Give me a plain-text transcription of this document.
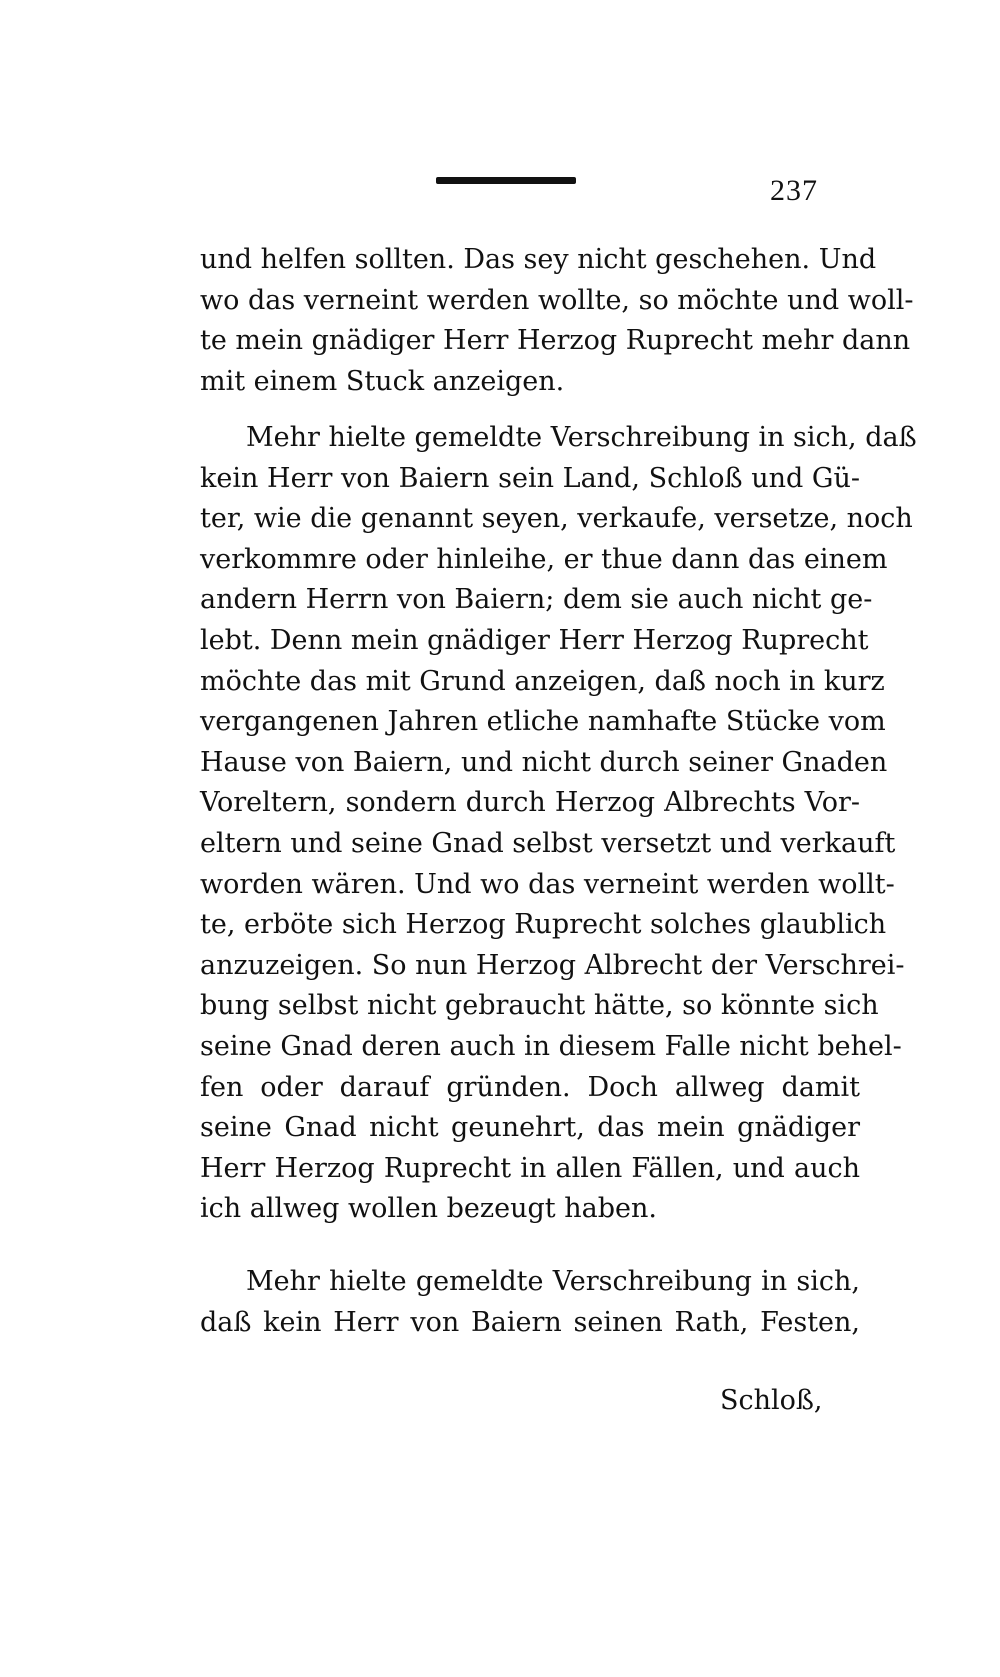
237
und helfen sollten. Das sey nicht geschehen. Und
wo das verneint werden wollte, so möchte und woll-
te mein gnädiger Herr Herzog Ruprecht mehr dann
mit einem Stuck anzeigen.
Mehr hielte gemeldte Verschreibung in sich, daß
kein Herr von Baiern sein Land, Schloß und Gü-
ter, wie die genannt seyen, verkaufe, versetze, noch
verkommre oder hinleihe, er thue dann das einem
andern Herrn von Baiern; dem sie auch nicht ge-
lebt. Denn mein gnädiger Herr Herzog Ruprecht
möchte das mit Grund anzeigen, daß noch in kurz
vergangenen Jahren etliche namhafte Stücke vom
Hause von Baiern, und nicht durch seiner Gnaden
Voreltern, sondern durch Herzog Albrechts Vor-
eltern und seine Gnad selbst versetzt und verkauft
worden wären. Und wo das verneint werden wollt-
te, erböte sich Herzog Ruprecht solches glaublich
anzuzeigen. So nun Herzog Albrecht der Verschrei-
bung selbst nicht gebraucht hätte, so könnte sich
seine Gnad deren auch in diesem Falle nicht behel-
fen oder darauf gründen. Doch allweg damit
seine Gnad nicht geunehrt, das mein gnädiger
Herr Herzog Ruprecht in allen Fällen, und auch
ich allweg wollen bezeugt haben.
Mehr hielte gemeldte Verschreibung in sich,
daß kein Herr von Baiern seinen Rath, Festen,
Schloß,
